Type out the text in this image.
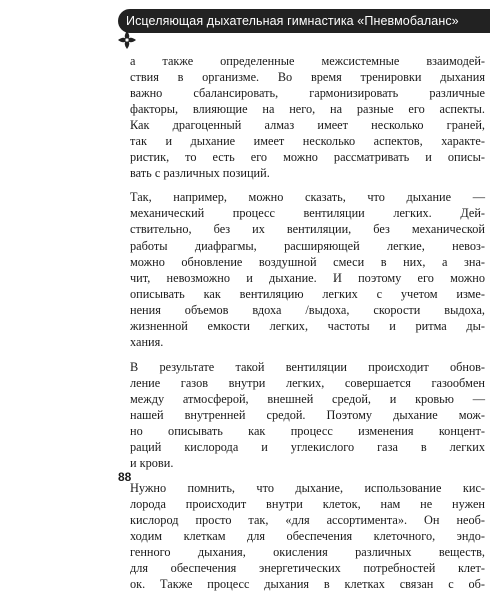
Исцеляющая дыхательная гимнастика «Пневмобаланс»

а также определенные межсистемные взаимодей-
ствия в организме. Во время тренировки дыхания
важно сбалансировать, гармонизировать различные
факторы, влияющие на него, на разные его аспекты.
Как драгоценный алмаз имеет несколько граней,
так и дыхание имеет несколько аспектов, характе-
ристик, то есть его можно рассматривать и описы-
вать с различных позиций.

Так, например, можно сказать, что дыхание —
механический процесс вентиляции легких. Дей-
ствительно, без их вентиляции, без механической
работы диафрагмы, расширяющей легкие, невоз-
можно обновление воздушной смеси в них, а зна-
чит, невозможно и дыхание. И поэтому его можно
описывать как вентиляцию легких с учетом изме-
нения объемов вдоха /выдоха, скорости выдоха,
жизненной емкости легких, частоты и ритма ды-
хания.

В результате такой вентиляции происходит обнов-
ление газов внутри легких, совершается газообмен
между атмосферой, внешней средой, и кровью —
нашей внутренней средой. Поэтому дыхание мож-
но описывать как процесс изменения концент-
раций кислорода и углекислого газа в легких
и крови.

Нужно помнить, что дыхание, использование кис-
лорода происходит внутри клеток, нам не нужен
кислород просто так, «для ассортимента». Он необ-
ходим клеткам для обеспечения клеточного, эндо-
генного дыхания, окисления различных веществ,
для обеспечения энергетических потребностей клет-
ок. Также процесс дыхания в клетках связан с об-

88
